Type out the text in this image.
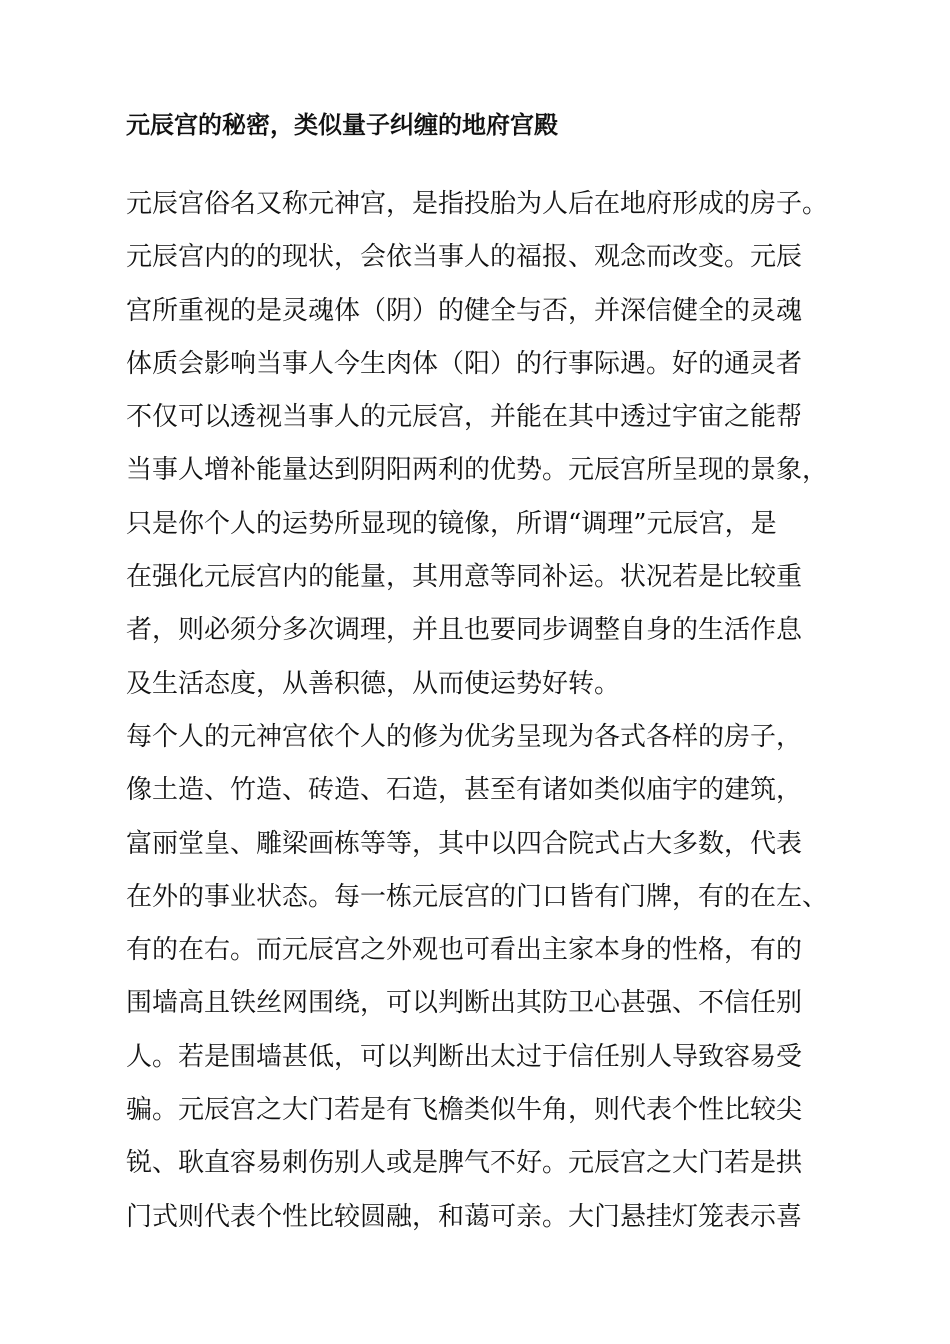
元辰宫的秘密，类似量子纠缠的地府宫殿
元辰宫俗名又称元神宫，是指投胎为人后在地府形成的房子。
元辰宫内的的现状，会依当事人的福报、观念而改变。元辰
宫所重视的是灵魂体（阴）的健全与否，并深信健全的灵魂
体质会影响当事人今生肉体（阳）的行事际遇。好的通灵者
不仅可以透视当事人的元辰宫，并能在其中透过宇宙之能帮
当事人增补能量达到阴阳两利的优势。元辰宫所呈现的景象，
只是你个人的运势所显现的镜像，所谓“调理”元辰宫，是
在强化元辰宫内的能量，其用意等同补运。状况若是比较重
者，则必须分多次调理，并且也要同步调整自身的生活作息
及生活态度，从善积德，从而使运势好转。
每个人的元神宫依个人的修为优劣呈现为各式各样的房子，
像土造、竹造、砖造、石造，甚至有诸如类似庙宇的建筑，
富丽堂皇、雕梁画栋等等，其中以四合院式占大多数，代表
在外的事业状态。每一栋元辰宫的门口皆有门牌，有的在左、
有的在右。而元辰宫之外观也可看出主家本身的性格，有的
围墙高且铁丝网围绕，可以判断出其防卫心甚强、不信任别
人。若是围墙甚低，可以判断出太过于信任别人导致容易受
骗。元辰宫之大门若是有飞檐类似牛角，则代表个性比较尖
锐、耿直容易刺伤别人或是脾气不好。元辰宫之大门若是拱
门式则代表个性比较圆融，和蔼可亲。大门悬挂灯笼表示喜
